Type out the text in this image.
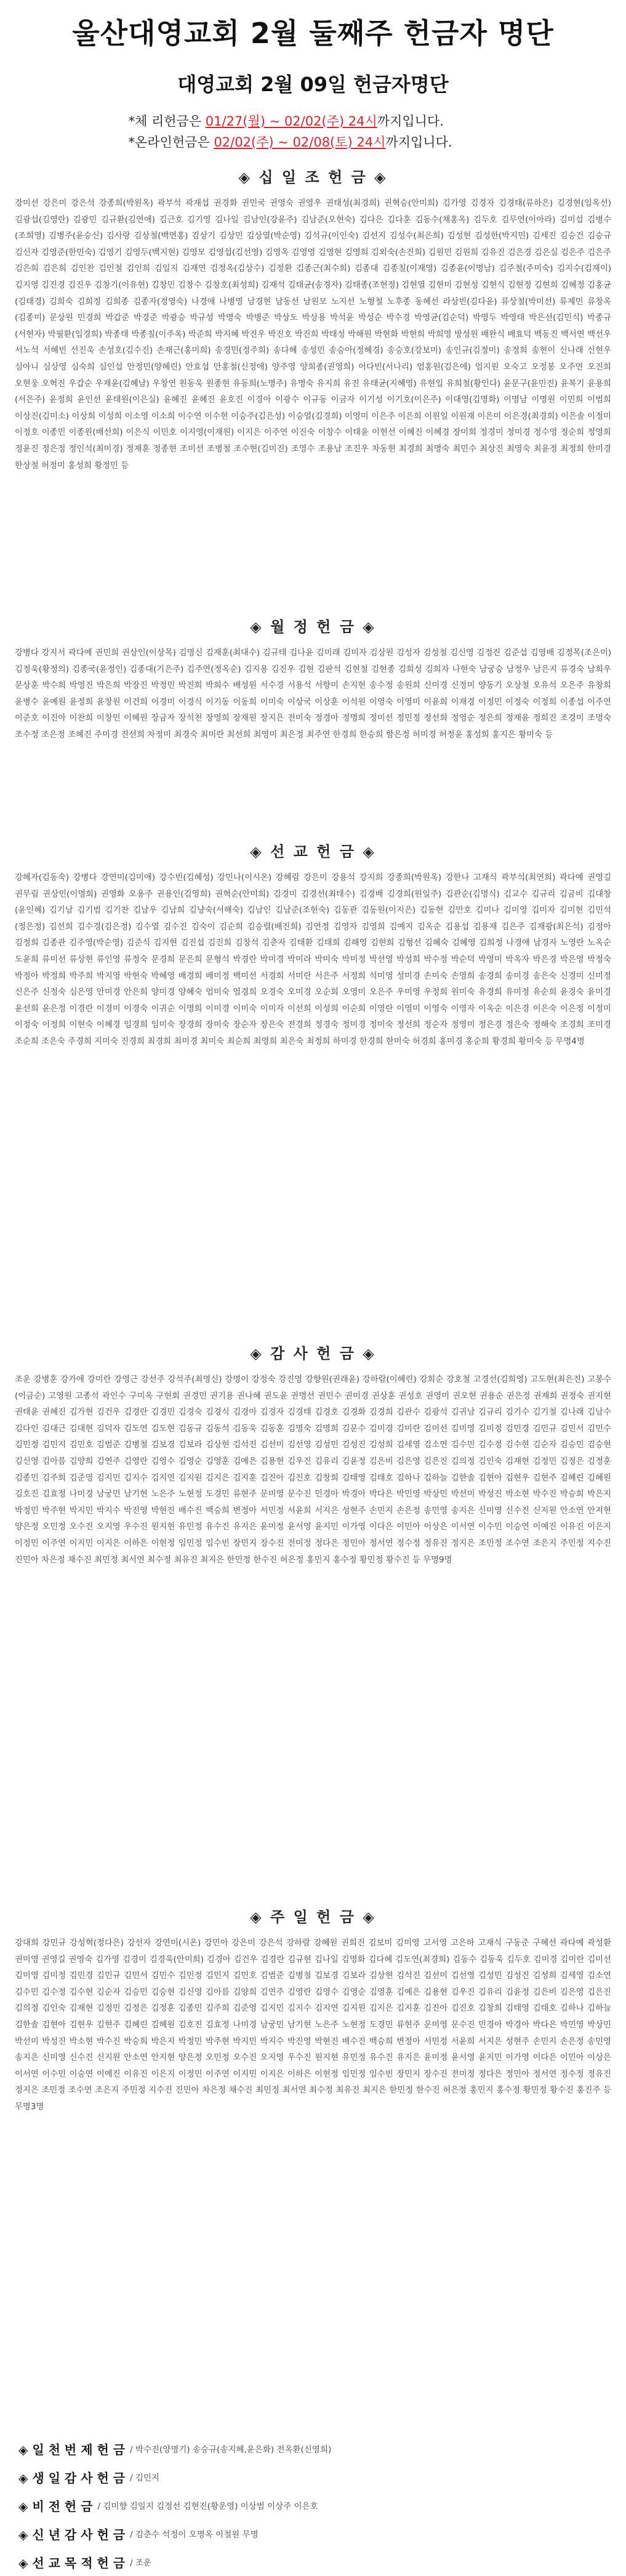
울산대영교회 2월 둘째주 헌금자 명단
대영교회 2월 09일 헌금자명단
*체 리헌금은 01/27(월) ~ 02/02(주) 24시까지입니다.
*온라인헌금은 02/02(주) ~ 02/08(토) 24시까지입니다.
◈ 십 일 조 헌 금 ◈
강미선 강은미 강은석 강종희(박원옥) 곽부석 곽재섭 권경화 권민국 권영숙 권영우 권태성(최경희) 권혁승(안미희) 김가영 김경자 김경태(류하은) 김경현(임옥선) 김광섭(김영란) 김광민 김규환(김연애) 김근호 김기영 김나일 김남인(강윤주) 김남준(오현숙) 김다은 김다훈 김동수(채홍옥) 김두호 김무연(이아라) 김미섭 김병수(조희영) 김병주(윤승신) 김사랑 김상철(백연홍) 김상기 김상민 김상열(박순영) 김석규(이인숙) 김선지 김성수(최은희) 김성현 김성한(박지민) 김세진 김승건 김승규 김신자 김영준(한민숙) 김영기 김영두(백지현) 김영모 김영섭(김선영) 김영옥 김영영 김영현 김영희 김외숙(손진희) 김원민 김원희 김유진 김은경 김은실 김은주 김은주 김은희 김은희 김인찬 김인철 김인희 김일지 김재연 김정옥(김상수) 김정환 김종근(최수희) 김종대 김종칠(이재영) 김종윤(이명남) 김주철(주미숙) 김지수(김재이) 김지영 김진경 김진우 김창기(이유현) 김창민 김창수 김창호(최성희) 김재석 김태균(송경자) 김태종(조현정) 김현열 김현미 김현성 김현식 김현정 김현희 김혜정 김홍균(김태경) 김희숙 김희정 김희종 김종자(정영숙) 나경애 나병영 남경현 남동선 남원모 노지선 노형철 노후종 동혜선 라상빈(김다윤) 류상철(박미선) 류제민 류창옥(김종미) 문상원 민경희 박갑준 박경준 박광승 박규성 박명숙 박병준 박상도 박상용 박석윤 박성순 박수경 박영균(김순덕) 박영두 박영태 박은선(김민식) 박종규(서현자) 박필환(임경희) 박종태 박종칠(이주옥) 박준희 박지혜 박진우 박진호 박진희 박태성 박해원 박현화 박현희 박희영 방성원 배완식 배효덕 백동진 백서연 백선우 서노석 서혜빈 선진욱 손성호(김수진) 손재근(홍미희) 송경민(정주희) 송다혜 송성민 송승아(정혜경) 송승호(강보미) 송인규(김정미) 송정희 송현이 신나래 신현우 심아니 심상영 심숙희 심인섭 안정민(양혜린) 안효섭 안홍철(신정애) 양주영 양희종(권영희) 어다빈(서나리) 엄홍원(김은애) 엄지원 오숙고 오정봉 오주연 오진희 오현웅 오혁진 우갑순 우재윤(김혜남) 우창연 원동욱 원종현 유동희(노명주) 유명숙 유지희 유진 유태균(지혜영) 유현일 유희철(황인다) 윤문구(윤민진) 윤복기 윤용희(서은주) 윤정희 윤인선 윤태원(이은실) 윤혜진 윤혜진 윤호진 이경아 이광수 이규동 이금자 이기성 이기호(이은주) 이대영(김명화) 이명남 이명원 이민희 이범희 이상진(김미소) 이상희 이성희 이소영 이소희 이수연 이수현 이승주(김은성) 이승열(김경희) 이영미 이은주 이은희 이원일 이원재 이은미 이은경(최경희) 이은솔 이정미 이정호 이종민 이종원(배선희) 이은식 이민호 이지영(이재원) 이지은 이주연 이진숙 이창수 이태윤 이현선 이혜진 이혜경 장미희 정경미 정미경 정수영 정순희 정영희 정윤진 정은정 정인석(최미경) 정재훈 정종현 조미선 조병철 조수현(김미진) 조영수 조용남 조진우 차동현 최경희 최명숙 최민수 최상진 최영숙 최윤정 최정희 한미경 한상철 허정미 홍성희 황정민 등
◈ 월 정 헌 금 ◈
강병다 강지서 곽다예 권민희 권상인(이상목) 김명신 김재훈(최대수) 김규태 김나윤 김미래 김미자 김상원 김성자 김성철 김신영 김정진 김준섭 김영배 김정목(조은미) 김정욱(황정의) 김종국(윤정인) 김종대(기은주) 김주연(정옥순) 김지용 김진우 김현 김판석 김현철 김현종 김희성 김희자 나현숙 남궁승 남정우 남은지 류경숙 남희우 문상훈 박수희 박영진 박은희 박장진 박정민 박진희 박희수 배성원 서수경 서용석 서향미 손지현 송수정 송원희 신미경 신정미 양동기 오상철 오유석 오은주 유창희 윤병수 윤예원 윤정희 윤창원 이건희 이경미 이경식 이기동 이동희 이미숙 이상국 이상훈 이석원 이영숙 이영미 이윤희 이재경 이정민 이정숙 이정희 이종섭 이주연 이준호 이진아 이찬희 이창민 이혜원 장금자 장석천 장영희 장재원 장지은 전미숙 정경아 정명희 정미선 정민정 정선희 정영순 정은희 정재윤 정희진 조경미 조명숙 조수정 조은정 조혜진 주미경 진선희 차정미 최경숙 최미란 최선희 최영미 최은정 최주연 한경희 한승희 함은정 허미경 허정윤 홍성희 홍지은 황미숙 등
◈ 선 교 헌 금 ◈
강혜자(김동숙) 강병다 강연미(김미애) 강수빈(김혜성) 강민나(이시온) 강혜림 강은미 강용석 강지희 강종희(박원옥) 강한나 고재식 곽부석(최연희) 곽다예 권영길 권무림 권상민(이명희) 권영화 오용주 권용인(김영희) 권혁순(안미희) 김경미 김경선(최태수) 김경배 김경희(원일주) 김관순(김명식) 김교수 김규리 김금비 김대창(윤인혜) 김기남 김기범 김기찬 김남우 김남희 김냥숙(서해숙) 김남인 김남준(조현숙) 김동관 김동원(이지은) 김동현 김만호 김미나 김미영 김미자 김미현 김민석(정은정) 김선희 김수경(김은정) 김수열 김수진 김숙이 김순희 김승렬(배진희) 김연정 김영자 김영희 김예지 김옥순 김용섭 김용재 김은주 김재광(최은석) 김정아 김정희 김종관 김주영(박순영) 김준식 김지현 김진섭 김진희 김창석 김춘자 김태환 김태희 김해영 김현희 김형선 김혜숙 김혜영 김희정 나경애 남경자 노영란 노옥순 도윤희 류미선 류상현 류인영 류정숙 문경희 문은희 문형석 박경란 박미경 박미라 박미숙 박미정 박선영 박성희 박수정 박순덕 박영미 박옥자 박은경 박은영 박정숙 박정아 박정희 박주희 박지영 박현숙 박혜영 배경희 배미정 백미선 서경희 서미란 서은주 서정희 석미영 성미경 손미숙 손영희 송경희 송미경 송은숙 신경미 신미정 신은주 신정숙 심은영 안미경 안은희 양미경 양혜숙 엄미숙 염경희 오경숙 오미경 오순희 오영미 오은주 우미영 우정희 원미숙 유경희 유미정 유순희 윤경숙 윤미경 윤선희 윤은정 이경란 이경미 이경숙 이귀순 이명희 이미경 이미숙 이미자 이선희 이성희 이순희 이영란 이영미 이영숙 이영자 이옥순 이은경 이은숙 이은정 이정미 이정숙 이정희 이현숙 이혜경 임경희 임미숙 장경희 장미숙 장순자 장은숙 전경희 정경숙 정미경 정미숙 정선희 정순자 정영미 정은경 정은숙 정해숙 조경희 조미경 조순희 조은숙 주경희 지미숙 진경희 최경희 최미경 최미숙 최순희 최영희 최은숙 최정희 하미경 한경희 한미숙 허경희 홍미경 홍순희 황경희 황미숙 등 무명4명
◈ 감 사 헌 금 ◈
조운 강병훈 강가애 강미란 강영근 강선주 강석주(최명신) 강명이 강정숙 강진영 강향원(권래윤) 강하람(이혜린) 강희순 강호철 고경선(김희영) 고도현(최은진) 고봉수(이금순) 고영원 고종석 곽인수 구미옥 구현회 권경민 권기용 권나혜 권도윤 권명선 권민수 권미경 권상훈 권성호 권영미 권오현 권용순 권은정 권재희 권정숙 권지현 권태윤 권혜진 김가현 김건우 김경란 김경민 김경숙 김경식 김경아 김경자 김경태 김경호 김경화 김경희 김관수 김광석 김귀남 김규리 김기수 김기철 김나래 김남수 김다인 김대근 김대현 김덕자 김도연 김도현 김동규 김동석 김동욱 김동훈 김명숙 김명희 김문수 김미경 김미란 김미선 김미영 김미정 김민경 김민규 김민서 김민수 김민정 김민지 김민호 김범준 김병철 김보경 김보라 김상현 김석진 김선미 김선영 김성민 김성진 김성희 김세영 김소연 김수민 김수정 김수현 김순자 김승민 김승현 김신영 김아름 김양희 김연주 김영란 김영수 김영순 김영훈 김예은 김용현 김우진 김유리 김윤정 김은비 김은영 김은진 김의정 김인숙 김재현 김정민 김정은 김정훈 김종민 김주희 김준영 김지민 김지수 김지연 김지원 김지은 김지훈 김진아 김진호 김창희 김태영 김태호 김하나 김하늘 김한솔 김현아 김현우 김현주 김혜린 김혜원 김호진 김효정 나미경 남궁민 남기현 노은주 노현정 도경민 류현주 문미영 문수진 민경아 박경아 박다은 박민영 박상민 박선미 박성진 박소현 박수진 박승희 박은지 박정민 박주현 박지민 박지수 박진영 박현진 배수진 백승희 변정아 서민정 서윤희 서지은 성현주 손민지 손은정 송민영 송지은 신미영 신수진 신지원 안소연 안지현 양은정 오민정 오수진 오지영 우수진 원지현 유민정 유수진 유지은 윤미정 윤서영 윤지민 이가영 이다은 이민아 이상은 이서연 이수민 이승연 이예진 이유진 이은지 이정민 이주연 이지민 이지은 이하은 이현정 임민정 임수빈 장민지 장수진 전미정 정다은 정민아 정서연 정수정 정유진 정지은 조민정 조수연 조은지 주민정 지수진 진민아 차은정 채수진 최민정 최서연 최수정 최유진 최지은 한민정 한수진 허은정 홍민지 홍수정 황민정 황수진 등 무명9명
◈ 주 일 헌 금 ◈
강대희 강민규 강성혁(정다은) 강선자 강연미(시온) 강민아 강은미 강은석 강하람 강혜원 권희진 김보미 김미영 고서영 고은하 고재식 구동준 구혜선 곽다예 곽성환 권미영 권영길 권영숙 김가영 김경미 김경욱(안미희) 김경아 김건우 김경란 김규현 김나일 김명화 김다혜 김도연(최경희) 김동수 김동욱 김두호 김미경 김미란 김미선 김미영 김미정 김민경 김민규 김민서 김민수 김민정 김민지 김민호 김범준 김병철 김보경 김보라 김상현 김석진 김선미 김선영 김성민 김성진 김성희 김세영 김소연 김수민 김수정 김수현 김순자 김승민 김승현 김신영 김아름 김양희 김연주 김영란 김영수 김영순 김영훈 김예은 김용현 김우진 김유리 김윤정 김은비 김은영 김은진 김의정 김인숙 김재현 김정민 김정은 김정훈 김종민 김주희 김준영 김지민 김지수 김지연 김지원 김지은 김지훈 김진아 김진호 김창희 김태영 김태호 김하나 김하늘 김한솔 김현아 김현우 김현주 김혜린 김혜원 김호진 김효정 나미경 남궁민 남기현 노은주 노현정 도경민 류현주 문미영 문수진 민경아 박경아 박다은 박민영 박상민 박선미 박성진 박소현 박수진 박승희 박은지 박정민 박주현 박지민 박지수 박진영 박현진 배수진 백승희 변정아 서민정 서윤희 서지은 성현주 손민지 손은정 송민영 송지은 신미영 신수진 신지원 안소연 안지현 양은정 오민정 오수진 오지영 우수진 원지현 유민정 유수진 유지은 윤미정 윤서영 윤지민 이가영 이다은 이민아 이상은 이서연 이수민 이승연 이예진 이유진 이은지 이정민 이주연 이지민 이지은 이하은 이현정 임민정 임수빈 장민지 장수진 전미정 정다은 정민아 정서연 정수정 정유진 정지은 조민정 조수연 조은지 주민정 지수진 진민아 차은정 채수진 최민정 최서연 최수정 최유진 최지은 한민정 한수진 허은정 홍민지 홍수정 황민정 황수진 홍진주 등 무명3명
◈ 일 천 번 제 헌 금 / 박수진(양명기) 송승규(송지혜,윤은화) 전옥환(신영희)
◈ 생 일 감 사 헌 금 / 김민지
◈ 비 전 헌 금 / 김미향 김일지 김정선 김현진(황운영) 이상범 이상주 이은호
◈ 신 년 감 사 헌 금 / 김춘수 석정이 오명옥 이철원 무명
◈ 선 교 목 적 헌 금 / 조운
